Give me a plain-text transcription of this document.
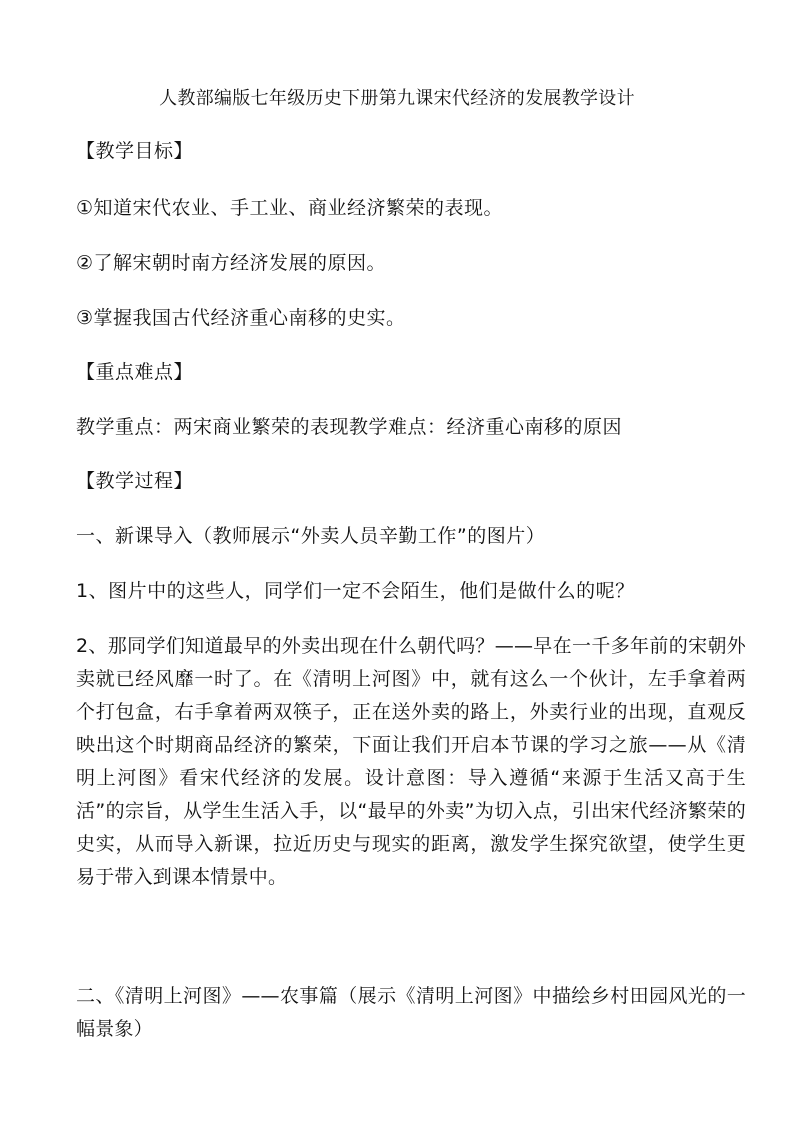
人教部编版七年级历史下册第九课宋代经济的发展教学设计
【教学目标】
①知道宋代农业、手工业、商业经济繁荣的表现。
②了解宋朝时南方经济发展的原因。
③掌握我国古代经济重心南移的史实。
【重点难点】
教学重点：两宋商业繁荣的表现教学难点：经济重心南移的原因
【教学过程】
一、新课导入（教师展示“外卖人员辛勤工作”的图片）
1、图片中的这些人，同学们一定不会陌生，他们是做什么的呢？
2、那同学们知道最早的外卖出现在什么朝代吗？——早在一千多年前的宋朝外卖就已经风靡一时了。在《清明上河图》中，就有这么一个伙计，左手拿着两个打包盒，右手拿着两双筷子，正在送外卖的路上，外卖行业的出现，直观反映出这个时期商品经济的繁荣，下面让我们开启本节课的学习之旅——从《清明上河图》看宋代经济的发展。设计意图：导入遵循“来源于生活又高于生活”的宗旨，从学生生活入手，以“最早的外卖”为切入点，引出宋代经济繁荣的史实，从而导入新课，拉近历史与现实的距离，激发学生探究欲望，使学生更易于带入到课本情景中。
二、《清明上河图》——农事篇（展示《清明上河图》中描绘乡村田园风光的一幅景象）
